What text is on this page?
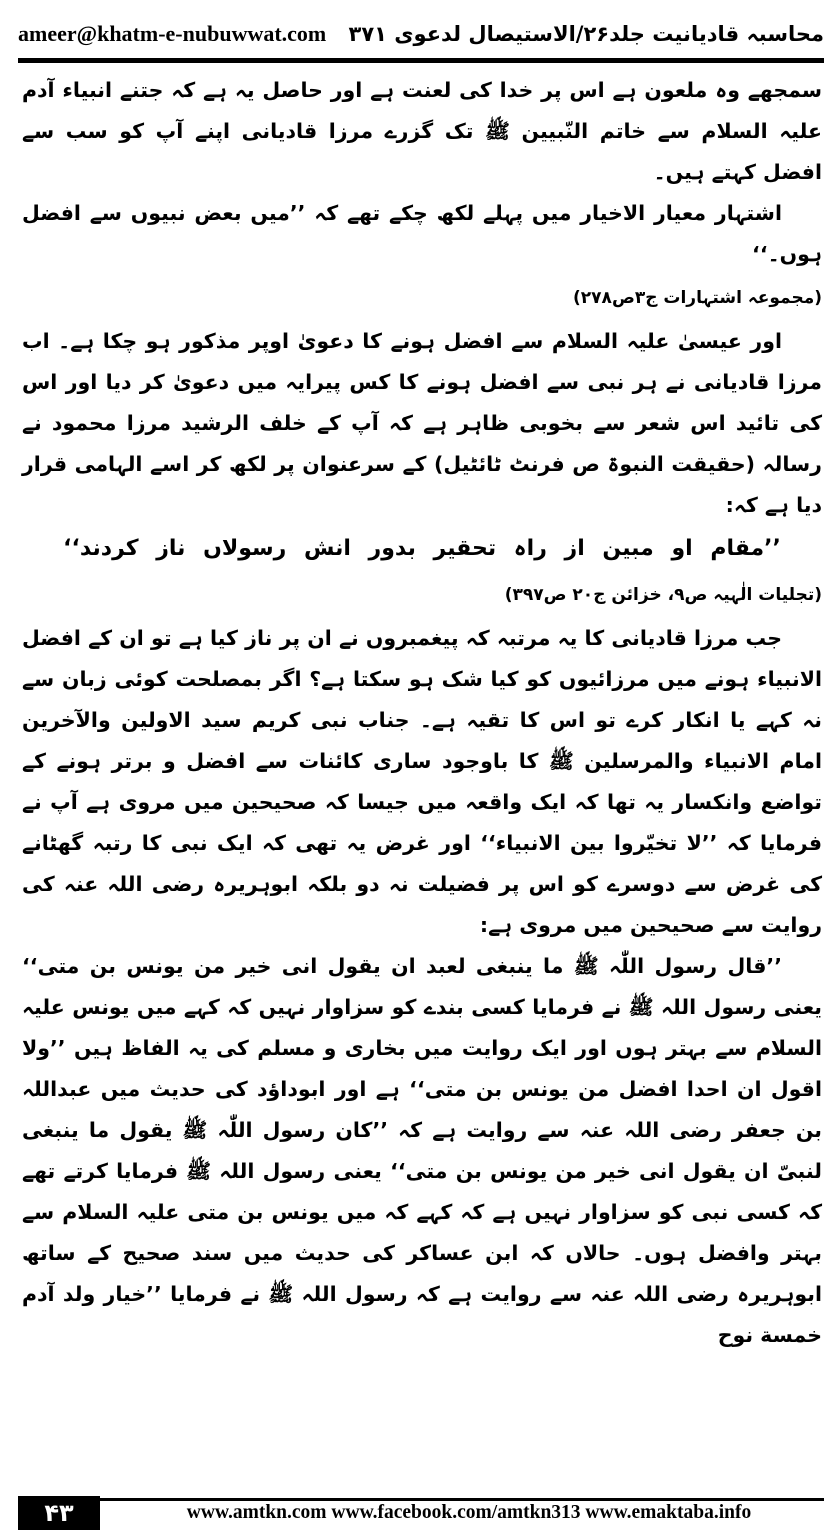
ameer@khatm-e-nubuwwat.com محاسبہ قادیانیت جلد۲۶/الاستیصال لدعوی ۳۷۱

سمجھے وہ ملعون ہے اس پر خدا کی لعنت ہے اور حاصل یہ ہے کہ جتنے انبیاء آدم علیہ السلام سے خاتم النّبیین ﷺ تک گزرے مرزا قادیانی اپنے آپ کو سب سے افضل کہتے ہیں۔

اشتہار معیار الاخیار میں پہلے لکھ چکے تھے کہ ’’میں بعض نبیوں سے افضل ہوں۔‘‘

(مجموعہ اشتہارات ج۳ص۲۷۸)

اور عیسیٰ علیہ السلام سے افضل ہونے کا دعویٰ اوپر مذکور ہو چکا ہے۔ اب مرزا قادیانی نے ہر نبی سے افضل ہونے کا کس پیرایہ میں دعویٰ کر دیا اور اس کی تائید اس شعر سے بخوبی ظاہر ہے کہ آپ کے خلف الرشید مرزا محمود نے رسالہ (حقیقت النبوۃ ص فرنٹ ٹائٹیل) کے سرعنوان پر لکھ کر اسے الہامی قرار دیا ہے کہ:

’’مقام او مبین از راہ تحقیر بدور انش رسولاں ناز کردند‘‘

(تجلیات الٰہیہ ص۹، خزائن ج۲۰ ص۳۹۷)

جب مرزا قادیانی کا یہ مرتبہ کہ پیغمبروں نے ان پر ناز کیا ہے تو ان کے افضل الانبیاء ہونے میں مرزائیوں کو کیا شک ہو سکتا ہے؟ اگر بمصلحت کوئی زبان سے نہ کہے یا انکار کرے تو اس کا تقیہ ہے۔ جناب نبی کریم سید الاولین والآخرین امام الانبیاء والمرسلین ﷺ کا باوجود ساری کائنات سے افضل و برتر ہونے کے تواضع وانکسار یہ تھا کہ ایک واقعہ میں جیسا کہ صحیحین میں مروی ہے آپ نے فرمایا کہ ’’لا تخیّروا بین الانبیاء‘‘ اور غرض یہ تھی کہ ایک نبی کا رتبہ گھٹانے کی غرض سے دوسرے کو اس پر فضیلت نہ دو بلکہ ابوہریرہ رضی اللہ عنہ کی روایت سے صحیحین میں مروی ہے:

’’قال رسول اللّٰہ ﷺ ما ینبغی لعبد ان یقول انی خیر من یونس بن متی‘‘ یعنی رسول اللہ ﷺ نے فرمایا کسی بندے کو سزاوار نہیں کہ کہے میں یونس علیہ السلام سے بہتر ہوں اور ایک روایت میں بخاری و مسلم کی یہ الفاظ ہیں ’’ولا اقول ان احدا افضل من یونس بن متی‘‘ ہے اور ابوداؤد کی حدیث میں عبداللہ بن جعفر رضی اللہ عنہ سے روایت ہے کہ ’’کان رسول اللّٰہ ﷺ یقول ما ینبغی لنبیّ ان یقول انی خیر من یونس بن متی‘‘ یعنی رسول اللہ ﷺ فرمایا کرتے تھے کہ کسی نبی کو سزاوار نہیں ہے کہ کہے کہ میں یونس بن متی علیہ السلام سے بہتر وافضل ہوں۔ حالاں کہ ابن عساکر کی حدیث میں سند صحیح کے ساتھ ابوہریرہ رضی اللہ عنہ سے روایت ہے کہ رسول اللہ ﷺ نے فرمایا ’’خیار ولد آدم خمسة نوح

۴۳	www.amtkn.com www.facebook.com/amtkn313 www.emaktaba.info
